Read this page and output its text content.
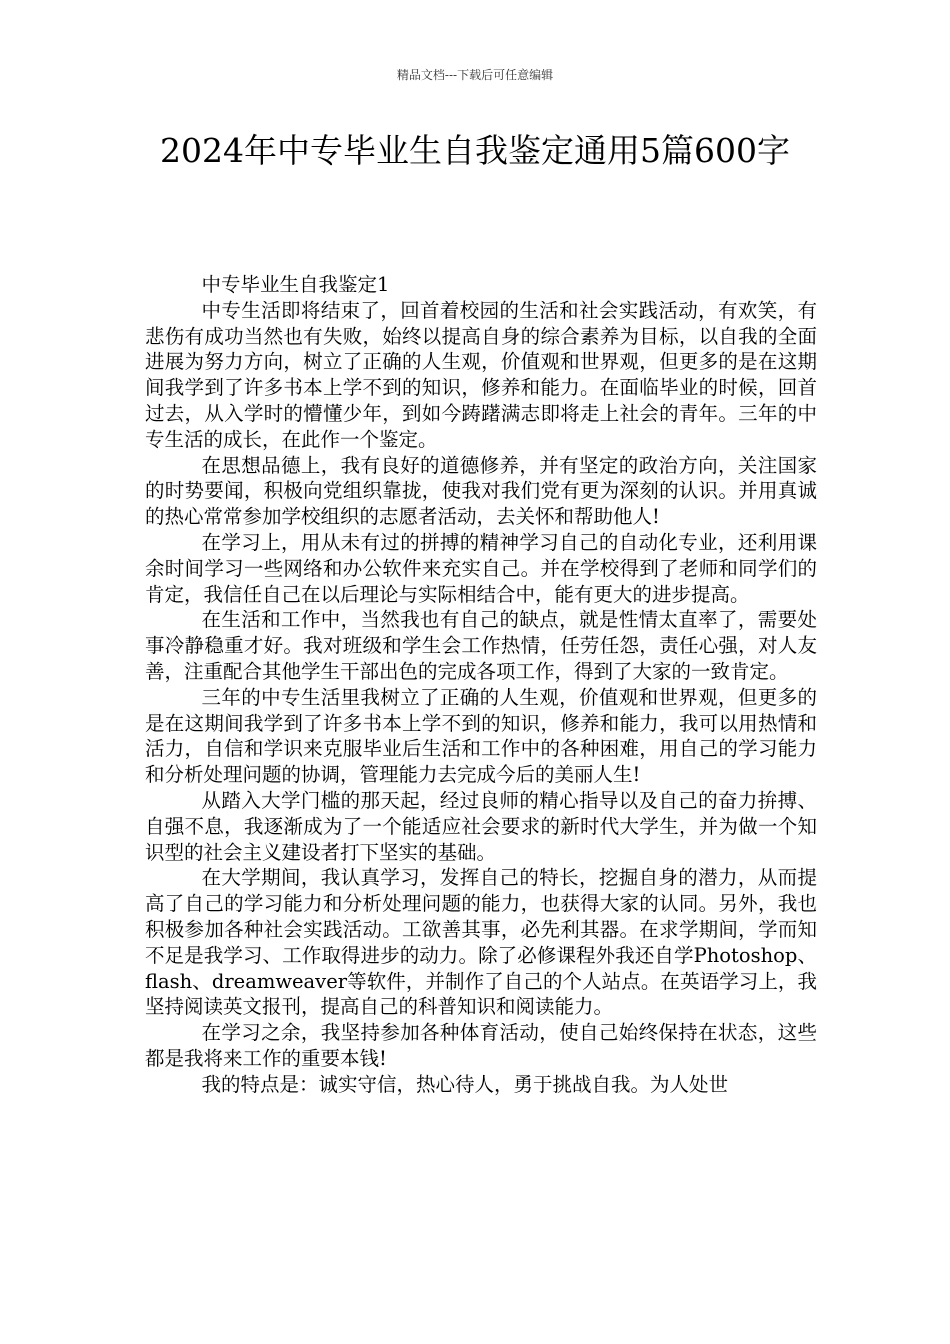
精品文档---下载后可任意编辑
2024年中专毕业生自我鉴定通用5篇600字
中专毕业生自我鉴定1

中专生活即将结束了，回首着校园的生活和社会实践活动，有欢笑，有悲伤有成功当然也有失败，始终以提高自身的综合素养为目标，以自我的全面进展为努力方向，树立了正确的人生观，价值观和世界观，但更多的是在这期间我学到了许多书本上学不到的知识，修养和能力。在面临毕业的时候，回首过去，从入学时的懵懂少年，到如今踌躇满志即将走上社会的青年。三年的中专生活的成长，在此作一个鉴定。

在思想品德上，我有良好的道德修养，并有坚定的政治方向，关注国家的时势要闻，积极向党组织靠拢，使我对我们党有更为深刻的认识。并用真诚的热心常常参加学校组织的志愿者活动，去关怀和帮助他人!

在学习上，用从未有过的拼搏的精神学习自己的自动化专业，还利用课余时间学习一些网络和办公软件来充实自己。并在学校得到了老师和同学们的肯定，我信任自己在以后理论与实际相结合中，能有更大的进步提高。

在生活和工作中，当然我也有自己的缺点，就是性情太直率了，需要处事冷静稳重才好。我对班级和学生会工作热情，任劳任怨，责任心强，对人友善，注重配合其他学生干部出色的完成各项工作，得到了大家的一致肯定。

三年的中专生活里我树立了正确的人生观，价值观和世界观，但更多的是在这期间我学到了许多书本上学不到的知识，修养和能力，我可以用热情和活力，自信和学识来克服毕业后生活和工作中的各种困难，用自己的学习能力和分析处理问题的协调，管理能力去完成今后的美丽人生!

从踏入大学门槛的那天起，经过良师的精心指导以及自己的奋力拚搏、自强不息，我逐渐成为了一个能适应社会要求的新时代大学生，并为做一个知识型的社会主义建设者打下坚实的基础。

在大学期间，我认真学习，发挥自己的特长，挖掘自身的潜力，从而提高了自己的学习能力和分析处理问题的能力，也获得大家的认同。另外，我也积极参加各种社会实践活动。工欲善其事，必先利其器。在求学期间，学而知不足是我学习、工作取得进步的动力。除了必修课程外我还自学Photoshop、flash、dreamweaver等软件，并制作了自己的个人站点。在英语学习上，我坚持阅读英文报刊，提高自己的科普知识和阅读能力。

在学习之余，我坚持参加各种体育活动，使自己始终保持在状态，这些都是我将来工作的重要本钱!

我的特点是：诚实守信，热心待人，勇于挑战自我。为人处世
